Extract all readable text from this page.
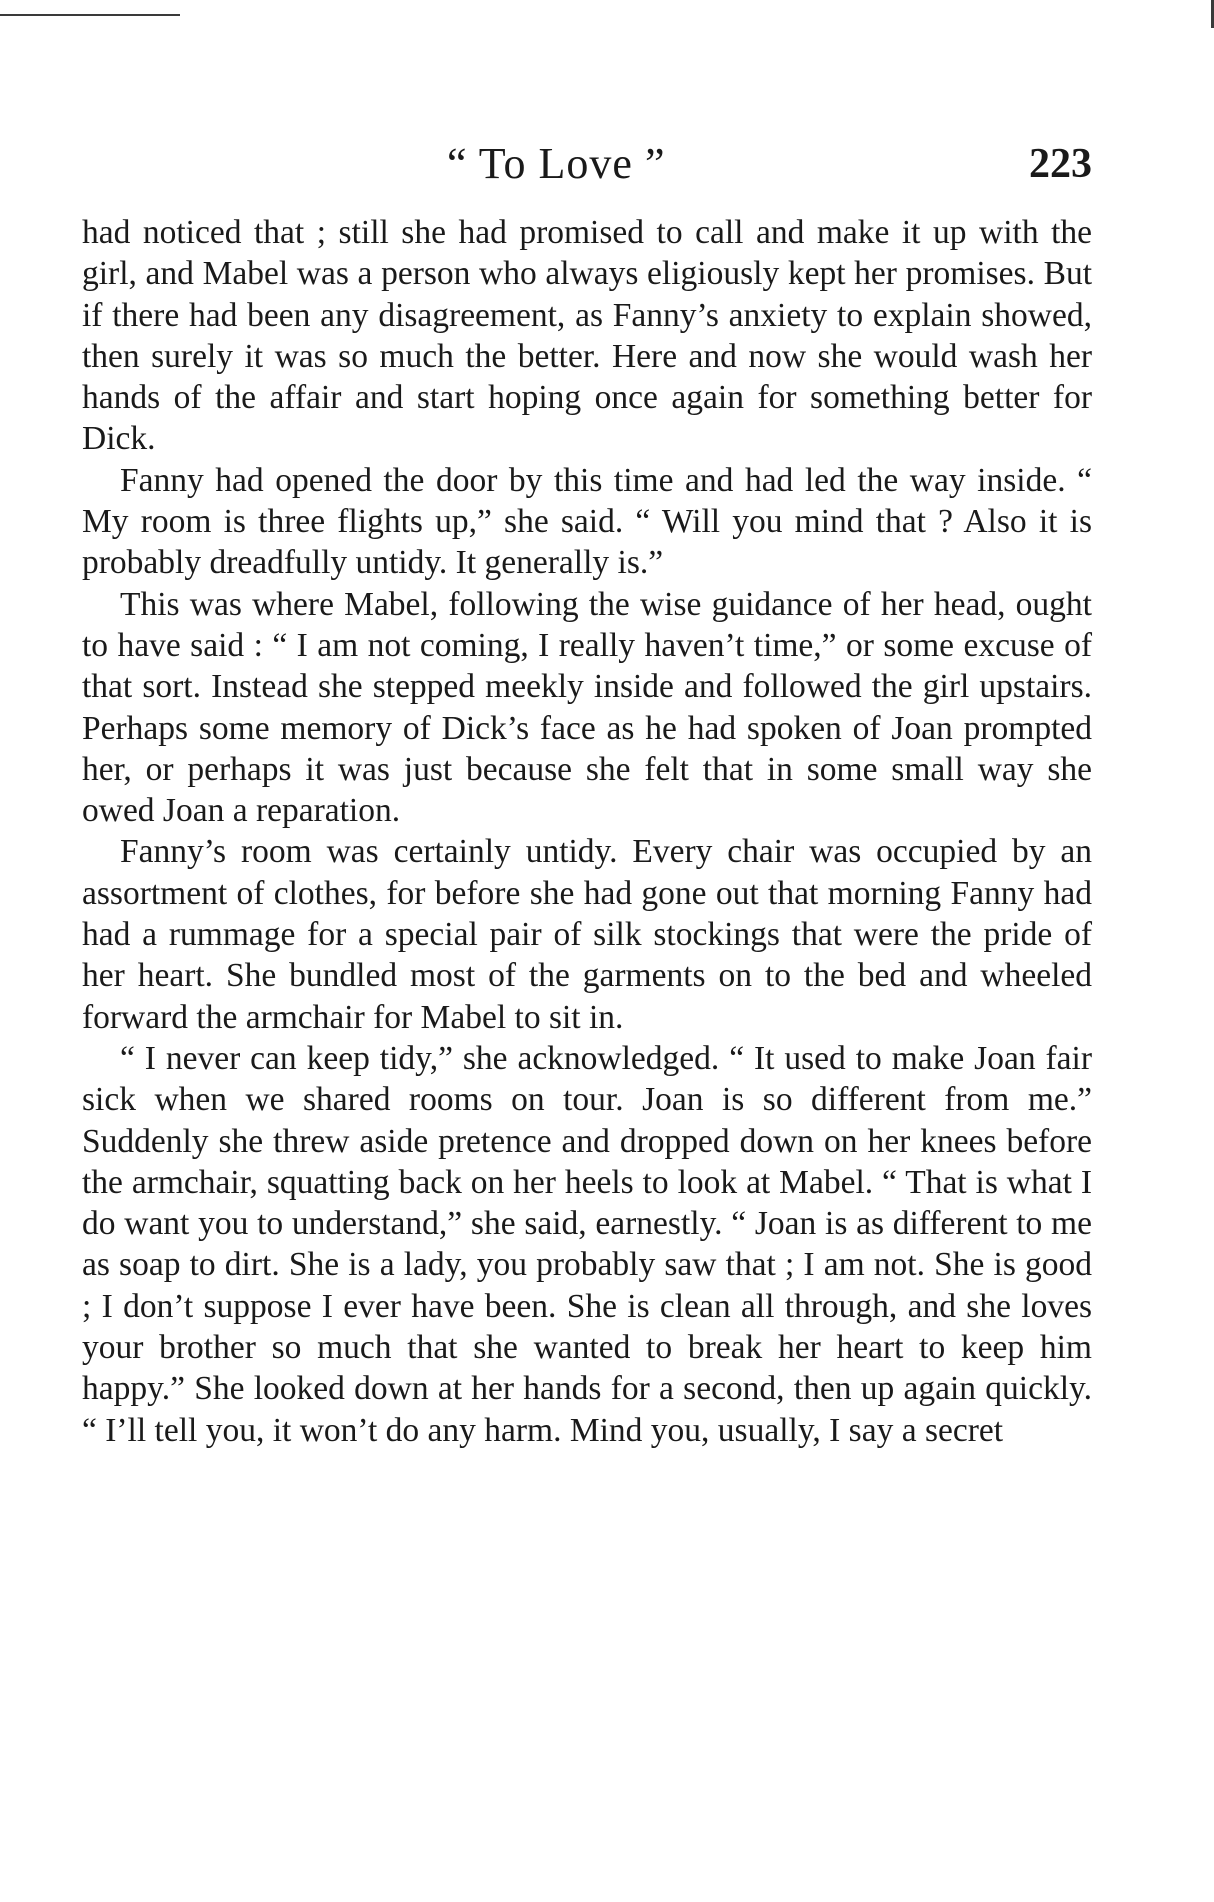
“ To Love ”	223

had noticed that ; still she had promised to call and make it up with the girl, and Mabel was a person who always eligiously kept her promises. But if there had been any disagreement, as Fanny’s anxiety to explain showed, then surely it was so much the better. Here and now she would wash her hands of the affair and start hoping once again for something better for Dick.

Fanny had opened the door by this time and had led the way inside. “ My room is three flights up,” she said. “ Will you mind that ? Also it is probably dreadfully untidy. It generally is.”

This was where Mabel, following the wise guidance of her head, ought to have said : “ I am not coming, I really haven’t time,” or some excuse of that sort. Instead she stepped meekly inside and followed the girl upstairs. Perhaps some memory of Dick’s face as he had spoken of Joan prompted her, or perhaps it was just because she felt that in some small way she owed Joan a reparation.

Fanny’s room was certainly untidy. Every chair was occupied by an assortment of clothes, for before she had gone out that morning Fanny had had a rummage for a special pair of silk stockings that were the pride of her heart. She bundled most of the garments on to the bed and wheeled forward the armchair for Mabel to sit in.

“ I never can keep tidy,” she acknowledged. “ It used to make Joan fair sick when we shared rooms on tour. Joan is so different from me.” Suddenly she threw aside pretence and dropped down on her knees before the armchair, squatting back on her heels to look at Mabel. “ That is what I do want you to understand,” she said, earnestly. “ Joan is as different to me as soap to dirt. She is a lady, you probably saw that ; I am not. She is good ; I don’t suppose I ever have been. She is clean all through, and she loves your brother so much that she wanted to break her heart to keep him happy.” She looked down at her hands for a second, then up again quickly. “ I’ll tell you, it won’t do any harm. Mind you, usually, I say a secret
